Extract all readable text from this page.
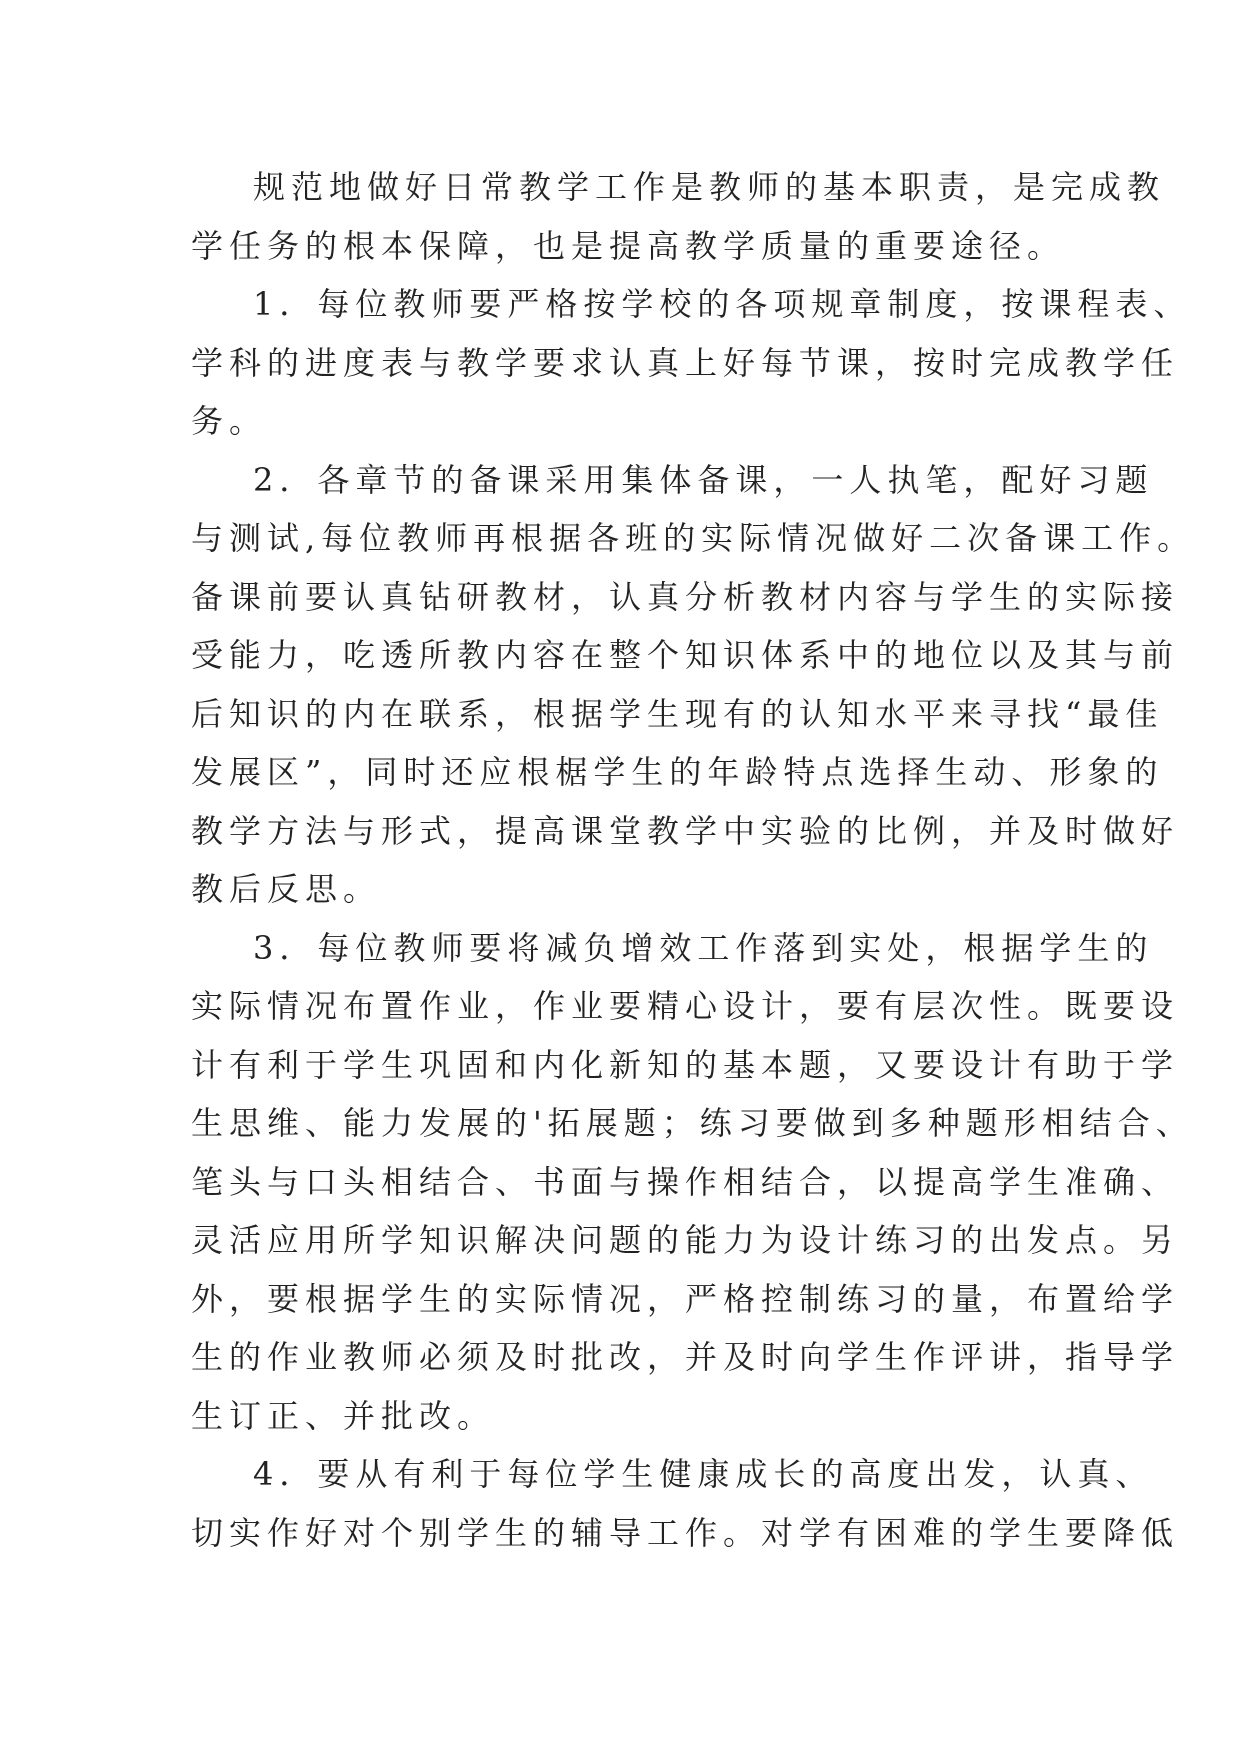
规范地做好日常教学工作是教师的基本职责，是完成教
学任务的根本保障，也是提高教学质量的重要途径。
1．每位教师要严格按学校的各项规章制度，按课程表、
学科的进度表与教学要求认真上好每节课，按时完成教学任
务。
2．各章节的备课采用集体备课，一人执笔，配好习题
与测试,每位教师再根据各班的实际情况做好二次备课工作。
备课前要认真钻研教材，认真分析教材内容与学生的实际接
受能力，吃透所教内容在整个知识体系中的地位以及其与前
后知识的内在联系，根据学生现有的认知水平来寻找“最佳
发展区”，同时还应根椐学生的年龄特点选择生动、形象的
教学方法与形式，提高课堂教学中实验的比例，并及时做好
教后反思。
3．每位教师要将减负增效工作落到实处，根据学生的
实际情况布置作业，作业要精心设计，要有层次性。既要设
计有利于学生巩固和内化新知的基本题，又要设计有助于学
生思维、能力发展的'拓展题；练习要做到多种题形相结合、
笔头与口头相结合、书面与操作相结合，以提高学生准确、
灵活应用所学知识解决问题的能力为设计练习的出发点。另
外，要根据学生的实际情况，严格控制练习的量，布置给学
生的作业教师必须及时批改，并及时向学生作评讲，指导学
生订正、并批改。
4．要从有利于每位学生健康成长的高度出发，认真、
切实作好对个别学生的辅导工作。对学有困难的学生要降低
